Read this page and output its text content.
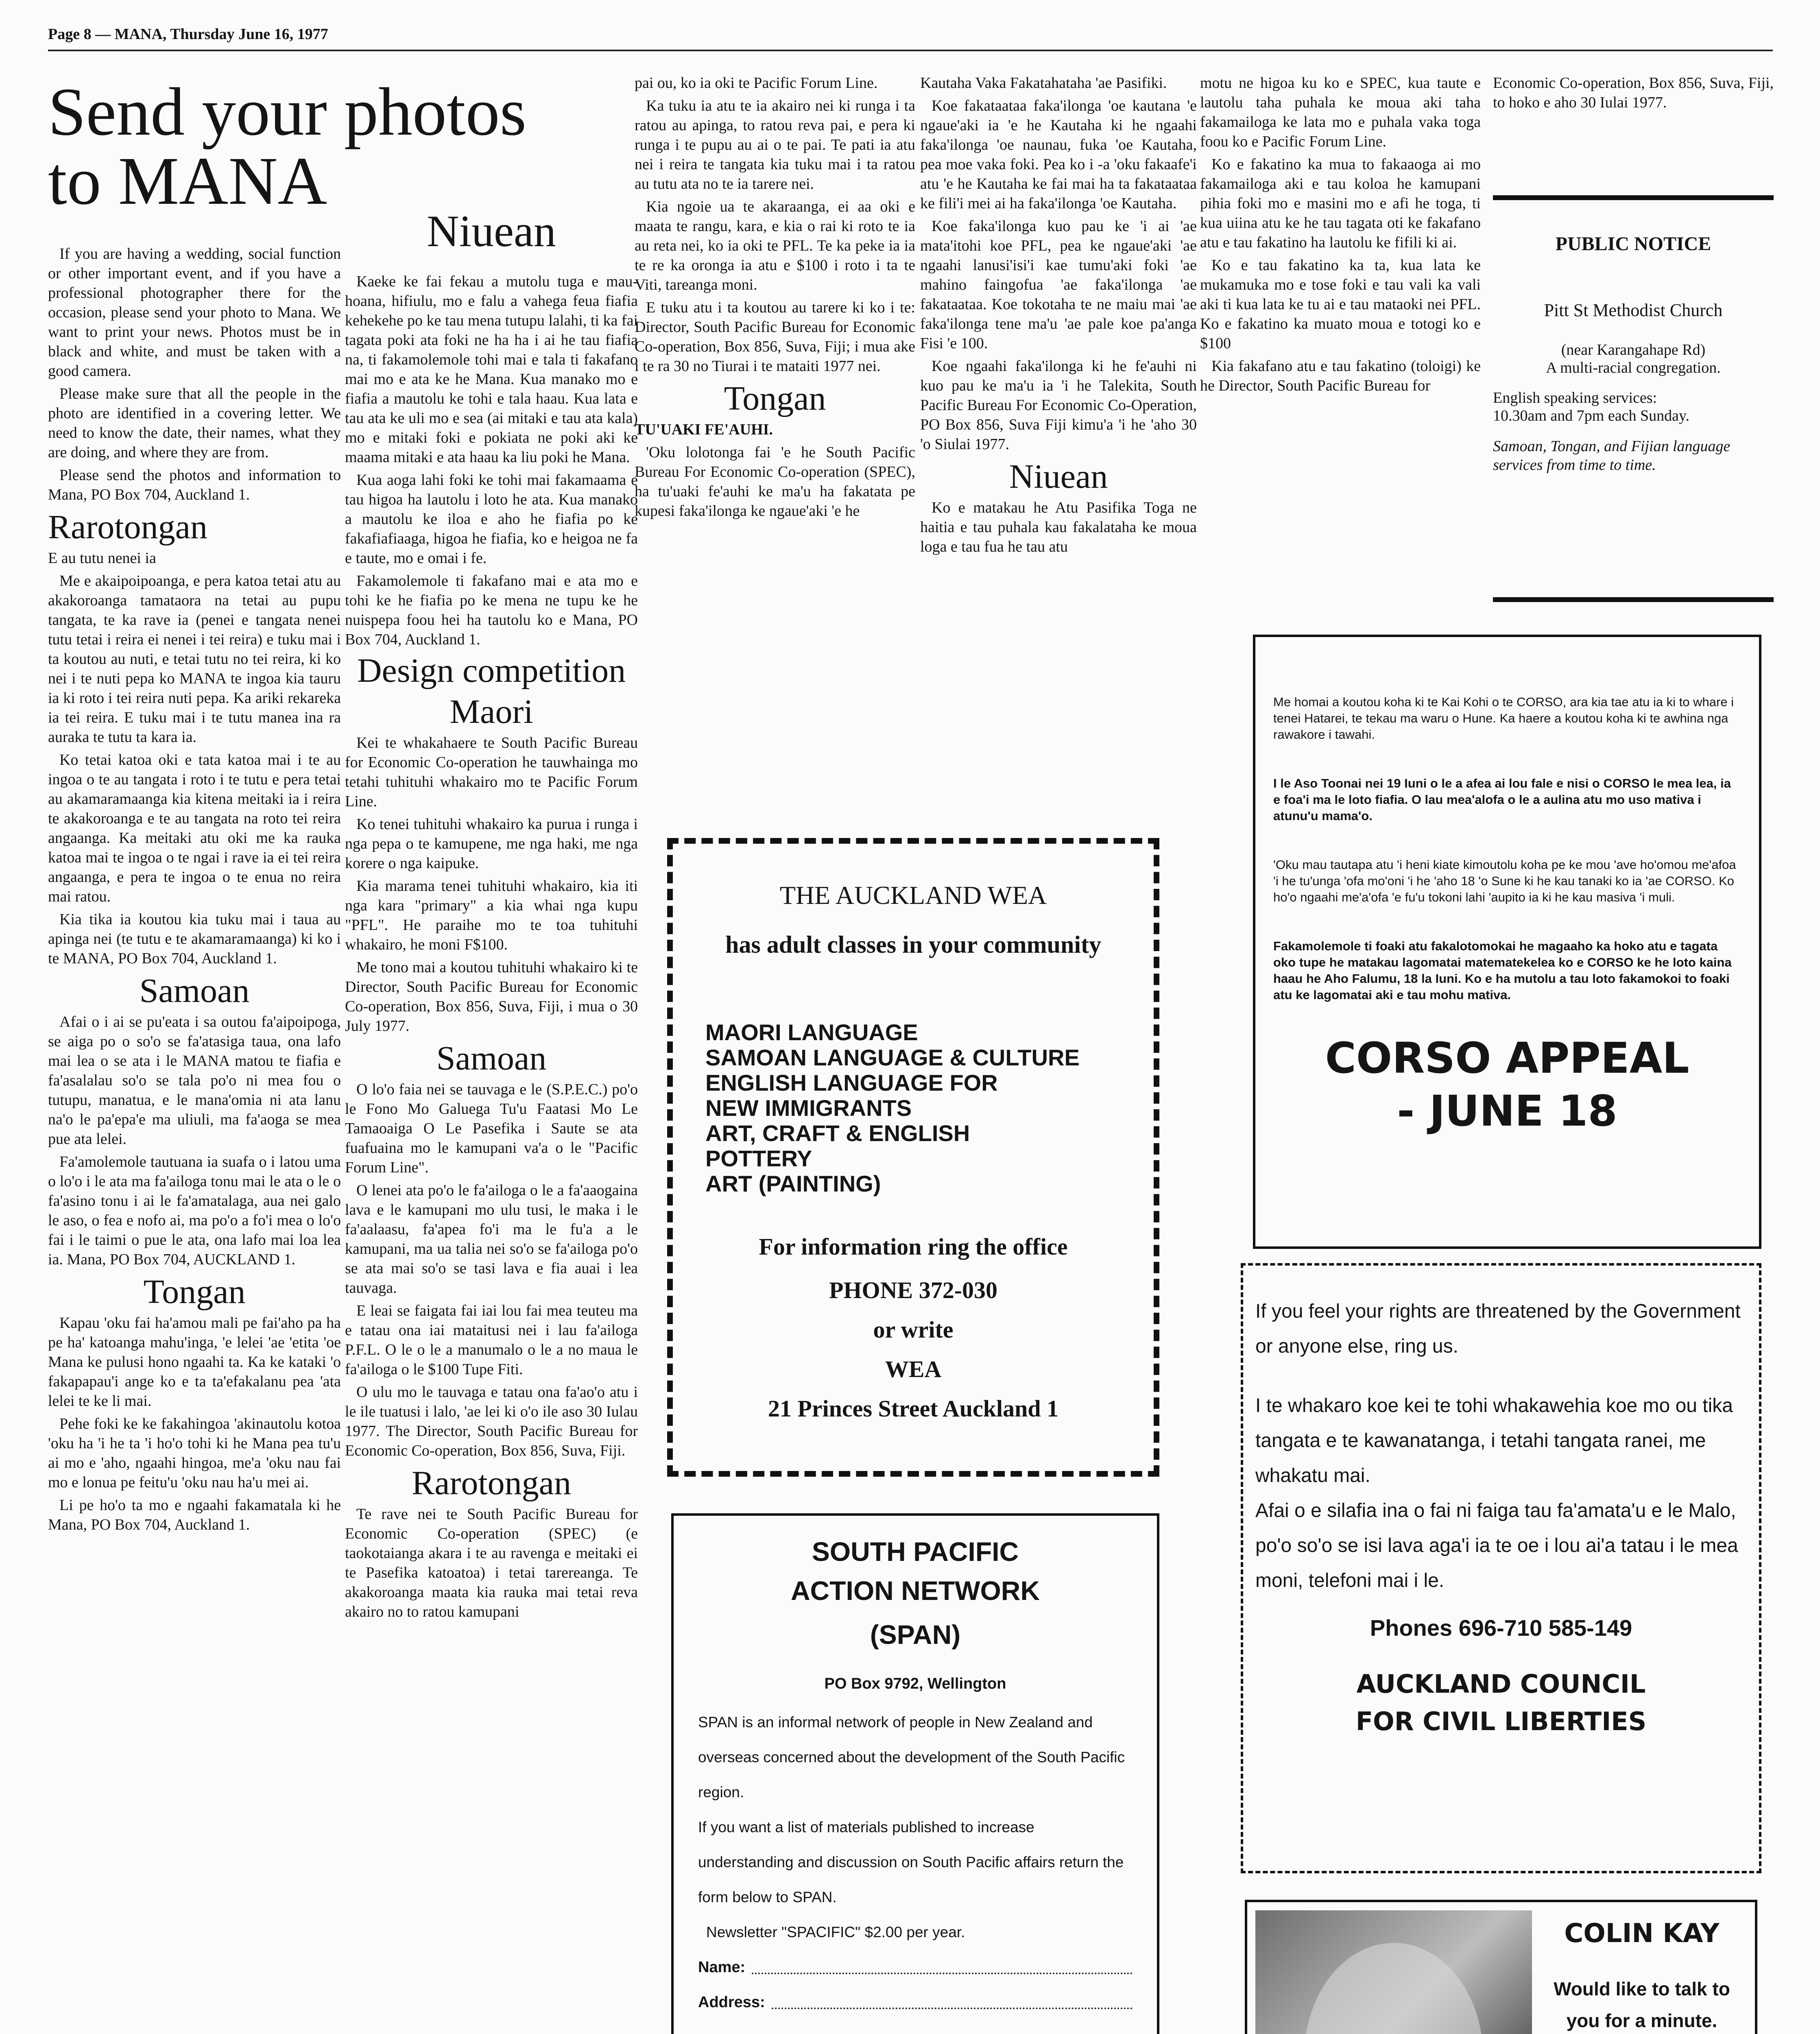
Page 8 — MANA, Thursday June 16, 1977
Send your photos to MANA

If you are having a wedding, social function or other important event, and if you have a professional photographer there for the occasion, please send your photo to Mana. We want to print your news. Photos must be in black and white, and must be taken with a good camera.

Please make sure that all the people in the photo are identified in a covering letter. We need to know the date, their names, what they are doing, and where they are from.

Please send the photos and information to Mana, PO Box 704, Auckland 1.

Rarotongan

E au tutu nenei ia

Me e akaipoipoanga, e pera katoa tetai atu au akakoroanga tamataora na tetai au pupu tangata, te ka rave ia (penei e tangata nenei tutu tetai i reira ei nenei i tei reira) e tuku mai i ta koutou au nuti, e tetai tutu no tei reira, ki ko nei i te nuti pepa ko MANA te ingoa kia tauru ia ki roto i tei reira nuti pepa. Ka ariki rekareka ia tei reira. E tuku mai i te tutu manea ina ra auraka te tutu ta kara ia.

Ko tetai katoa oki e tata katoa mai i te au ingoa o te au tangata i roto i te tutu e pera tetai au akamaramaanga kia kitena meitaki ia i reira te akakoroanga e te au tangata na roto tei reira angaanga. Ka meitaki atu oki me ka rauka katoa mai te ingoa o te ngai i rave ia ei tei reira angaanga, e pera te ingoa o te enua no reira mai ratou.

Kia tika ia koutou kia tuku mai i taua au apinga nei (te tutu e te akamaramaanga) ki ko i te MANA, PO Box 704, Auckland 1.

Samoan

Afai o i ai se pu'eata i sa outou fa'aipoipoga, se aiga po o so'o se fa'atasiga taua, ona lafo mai lea o se ata i le MANA matou te fiafia e fa'asalalau so'o se tala po'o ni mea fou o tutupu, manatua, e le mana'omia ni ata lanu na'o le pa'epa'e ma uliuli, ma fa'aoga se mea pue ata lelei.

Fa'amolemole tautuana ia suafa o i latou uma o lo'o i le ata ma fa'ailoga tonu mai le ata o le o fa'asino tonu i ai le fa'amatalaga, aua nei galo le aso, o fea e nofo ai, ma po'o a fo'i mea o lo'o fai i le taimi o pue le ata, ona lafo mai loa lea ia. Mana, PO Box 704, AUCKLAND 1.

Tongan

Kapau 'oku fai ha'amou mali pe fai'aho pa ha pe ha' katoanga mahu'inga, 'e lelei 'ae 'etita 'oe Mana ke pulusi hono ngaahi ta. Ka ke kataki 'o fakapapau'i ange ko e ta ta'efakalanu pea 'ata lelei te ke li mai.

Pehe foki ke ke fakahingoa 'akinautolu kotoa 'oku ha 'i he ta 'i ho'o tohi ki he Mana pea tu'u ai mo e 'aho, ngaahi hingoa, me'a 'oku nau fai mo e lonua pe feitu'u 'oku nau ha'u mei ai.

Li pe ho'o ta mo e ngaahi fakamatala ki he Mana, PO Box 704, Auckland 1.

Niuean

Kaeke ke fai fekau a mutolu tuga e mau-hoana, hifiulu, mo e falu a vahega feua fiafia kehekehe po ke tau mena tutupu lalahi, ti ka fai tagata poki ata foki ne ha ha i ai he tau fiafia na, ti fakamolemole tohi mai e tala ti fakafano mai mo e ata ke he Mana. Kua manako mo e fiafia a mautolu ke tohi e tala haau. Kua lata e tau ata ke uli mo e sea (ai mitaki e tau ata kala) mo e mitaki foki e pokiata ne poki aki ke maama mitaki e ata haau ka liu poki he Mana.

Kua aoga lahi foki ke tohi mai fakamaama e tau higoa ha lautolu i loto he ata. Kua manako a mautolu ke iloa e aho he fiafia po ke fakafiafiaaga, higoa he fiafia, ko e heigoa ne fa e taute, mo e omai i fe.

Fakamolemole ti fakafano mai e ata mo e tohi ke he fiafia po ke mena ne tupu ke he nuispepa foou hei ha tautolu ko e Mana, PO Box 704, Auckland 1.

Design competition
Maori

Kei te whakahaere te South Pacific Bureau for Economic Co-operation he tauwhainga mo tetahi tuhituhi whakairo mo te Pacific Forum Line.

Ko tenei tuhituhi whakairo ka purua i runga i nga pepa o te kamupene, me nga haki, me nga korere o nga kaipuke.

Kia marama tenei tuhituhi whakairo, kia iti nga kara "primary" a kia whai nga kupu "PFL". He paraihe mo te toa tuhituhi whakairo, he moni F$100.

Me tono mai a koutou tuhituhi whakairo ki te Director, South Pacific Bureau for Economic Co-operation, Box 856, Suva, Fiji, i mua o 30 July 1977.

Samoan

O lo'o faia nei se tauvaga e le (S.P.E.C.) po'o le Fono Mo Galuega Tu'u Faatasi Mo Le Tamaoaiga O Le Pasefika i Saute se ata fuafuaina mo le kamupani va'a o le "Pacific Forum Line".

O lenei ata po'o le fa'ailoga o le a fa'aaogaina lava e le kamupani mo ulu tusi, le maka i le fa'aalaasu, fa'apea fo'i ma le fu'a a le kamupani, ma ua talia nei so'o se fa'ailoga po'o se ata mai so'o se tasi lava e fia auai i lea tauvaga.

E leai se faigata fai iai lou fai mea teuteu ma e tatau ona iai mataitusi nei i lau fa'ailoga P.F.L. O le o le a manumalo o le a no maua le fa'ailoga o le $100 Tupe Fiti.

O ulu mo le tauvaga e tatau ona fa'ao'o atu i le ile tuatusi i lalo, 'ae lei ki o'o ile aso 30 Iulau 1977. The Director, South Pacific Bureau for Economic Co-operation, Box 856, Suva, Fiji.

Rarotongan

Te rave nei te South Pacific Bureau for Economic Co-operation (SPEC) (e taokotaianga akara i te au ravenga e meitaki ei te Pasefika katoatoa) i tetai tarereanga. Te akakoroanga maata kia rauka mai tetai reva akairo no to ratou kamupani

pai ou, ko ia oki te Pacific Forum Line.

Ka tuku ia atu te ia akairo nei ki runga i ta ratou au apinga, to ratou reva pai, e pera ki runga i te pupu au ai o te pai. Te pati ia atu nei i reira te tangata kia tuku mai i ta ratou au tutu ata no te ia tarere nei.

Kia ngoie ua te akaraanga, ei aa oki e maata te rangu, kara, e kia o rai ki roto te ia au reta nei, ko ia oki te PFL. Te ka peke ia ia te re ka oronga ia atu e $100 i roto i ta te Viti, tareanga moni.

E tuku atu i ta koutou au tarere ki ko i te: Director, South Pacific Bureau for Economic Co-operation, Box 856, Suva, Fiji; i mua ake i te ra 30 no Tiurai i te mataiti 1977 nei.

Tongan

TU'UAKI FE'AUHI.

'Oku lolotonga fai 'e he South Pacific Bureau For Economic Co-operation (SPEC), ha tu'uaki fe'auhi ke ma'u ha fakatata pe kupesi faka'ilonga ke ngaue'aki 'e he

Kautaha Vaka Fakatahataha 'ae Pasifiki.

Koe fakataataa faka'ilonga 'oe kautana 'e ngaue'aki ia 'e he Kautaha ki he ngaahi faka'ilonga 'oe naunau, fuka 'oe Kautaha, pea moe vaka foki. Pea ko i -a 'oku fakaafe'i atu 'e he Kautaha ke fai mai ha ta fakataataa ke fili'i mei ai ha faka'ilonga 'oe Kautaha.

Koe faka'ilonga kuo pau ke 'i ai 'ae mata'itohi koe PFL, pea ke ngaue'aki 'ae ngaahi lanusi'isi'i kae tumu'aki foki 'ae mahino faingofua 'ae faka'ilonga 'ae fakataataa. Koe tokotaha te ne maiu mai 'ae faka'ilonga tene ma'u 'ae pale koe pa'anga Fisi 'e 100.

Koe ngaahi faka'ilonga ki he fe'auhi ni kuo pau ke ma'u ia 'i he Talekita, South Pacific Bureau For Economic Co-Operation, PO Box 856, Suva Fiji kimu'a 'i he 'aho 30 'o Siulai 1977.

Niuean

Ko e matakau he Atu Pasifika Toga ne haitia e tau puhala kau fakalataha ke moua loga e tau fua he tau atu

motu ne higoa ku ko e SPEC, kua taute e lautolu taha puhala ke moua aki taha fakamailoga ke lata mo e puhala vaka toga foou ko e Pacific Forum Line.

Ko e fakatino ka mua to fakaaoga ai mo fakamailoga aki e tau koloa he kamupani pihia foki mo e masini mo e afi he toga, ti kua uiina atu ke he tau tagata oti ke fakafano atu e tau fakatino ha lautolu ke fifili ki ai.

Ko e tau fakatino ka ta, kua lata ke mukamuka mo e tose foki e tau vali ka vali aki ti kua lata ke tu ai e tau mataoki nei PFL. Ko e fakatino ka muato moua e totogi ko e $100

Kia fakafano atu e tau fakatino (toloigi) ke he Director, South Pacific Bureau for

Economic Co-operation, Box 856, Suva, Fiji, to hoko e aho 30 Iulai 1977.

PUBLIC NOTICE
Pitt St Methodist Church
(near Karangahape Rd)
A multi-racial congregation.
English speaking services:
10.30am and 7pm each Sunday.
Samoan, Tongan, and Fijian language services from time to time.
THE AUCKLAND WEA
has adult classes in your community
MAORI LANGUAGE
SAMOAN LANGUAGE & CULTURE
ENGLISH LANGUAGE FOR
NEW IMMIGRANTS
ART, CRAFT & ENGLISH
POTTERY
ART (PAINTING)
For information ring the office
PHONE 372-030
or write
WEA
21 Princes Street Auckland 1
SOUTH PACIFIC
ACTION NETWORK
(SPAN)
PO Box 9792, Wellington
SPAN is an informal network of people in New Zealand and overseas concerned about the development of the South Pacific region.
If you want a list of materials published to increase understanding and discussion on South Pacific affairs return the form below to SPAN.
Newsletter "SPACIFIC" $2.00 per year.
Name:
Address:
Me homai a koutou koha ki te Kai Kohi o te CORSO, ara kia tae atu ia ki to whare i tenei Hatarei, te tekau ma waru o Hune. Ka haere a koutou koha ki te awhina nga rawakore i tawahi.
I le Aso Toonai nei 19 Iuni o le a afea ai lou fale e nisi o CORSO le mea lea, ia e foa'i ma le loto fiafia. O lau mea'alofa o le a aulina atu mo uso mativa i atunu'u mama'o.
'Oku mau tautapa atu 'i heni kiate kimoutolu koha pe ke mou 'ave ho'omou me'afoa 'i he tu'unga 'ofa mo'oni 'i he 'aho 18 'o Sune ki he kau tanaki ko ia 'ae CORSO. Ko ho'o ngaahi me'a'ofa 'e fu'u tokoni lahi 'aupito ia ki he kau masiva 'i muli.
Fakamolemole ti foaki atu fakalotomokai he magaaho ka hoko atu e tagata oko tupe he matakau lagomatai matematekelea ko e CORSO ke he loto kaina haau he Aho Falumu, 18 la Iuni. Ko e ha mutolu a tau loto fakamokoi to foaki atu ke lagomatai aki e tau mohu mativa.
CORSO APPEAL
- JUNE 18
If you feel your rights are threatened by the Government or anyone else, ring us.
I te whakaro koe kei te tohi whakawehia koe mo ou tika tangata e te kawanatanga, i tetahi tangata ranei, me whakatu mai.
Afai o e silafia ina o fai ni faiga tau fa'amata'u e le Malo, po'o so'o se isi lava aga'i ia te oe i lou ai'a tatau i le mea moni, telefoni mai i le.
Phones 696-710 585-149
AUCKLAND COUNCIL
FOR CIVIL LIBERTIES
COLIN KAY
Would like to talk to you for a minute.
